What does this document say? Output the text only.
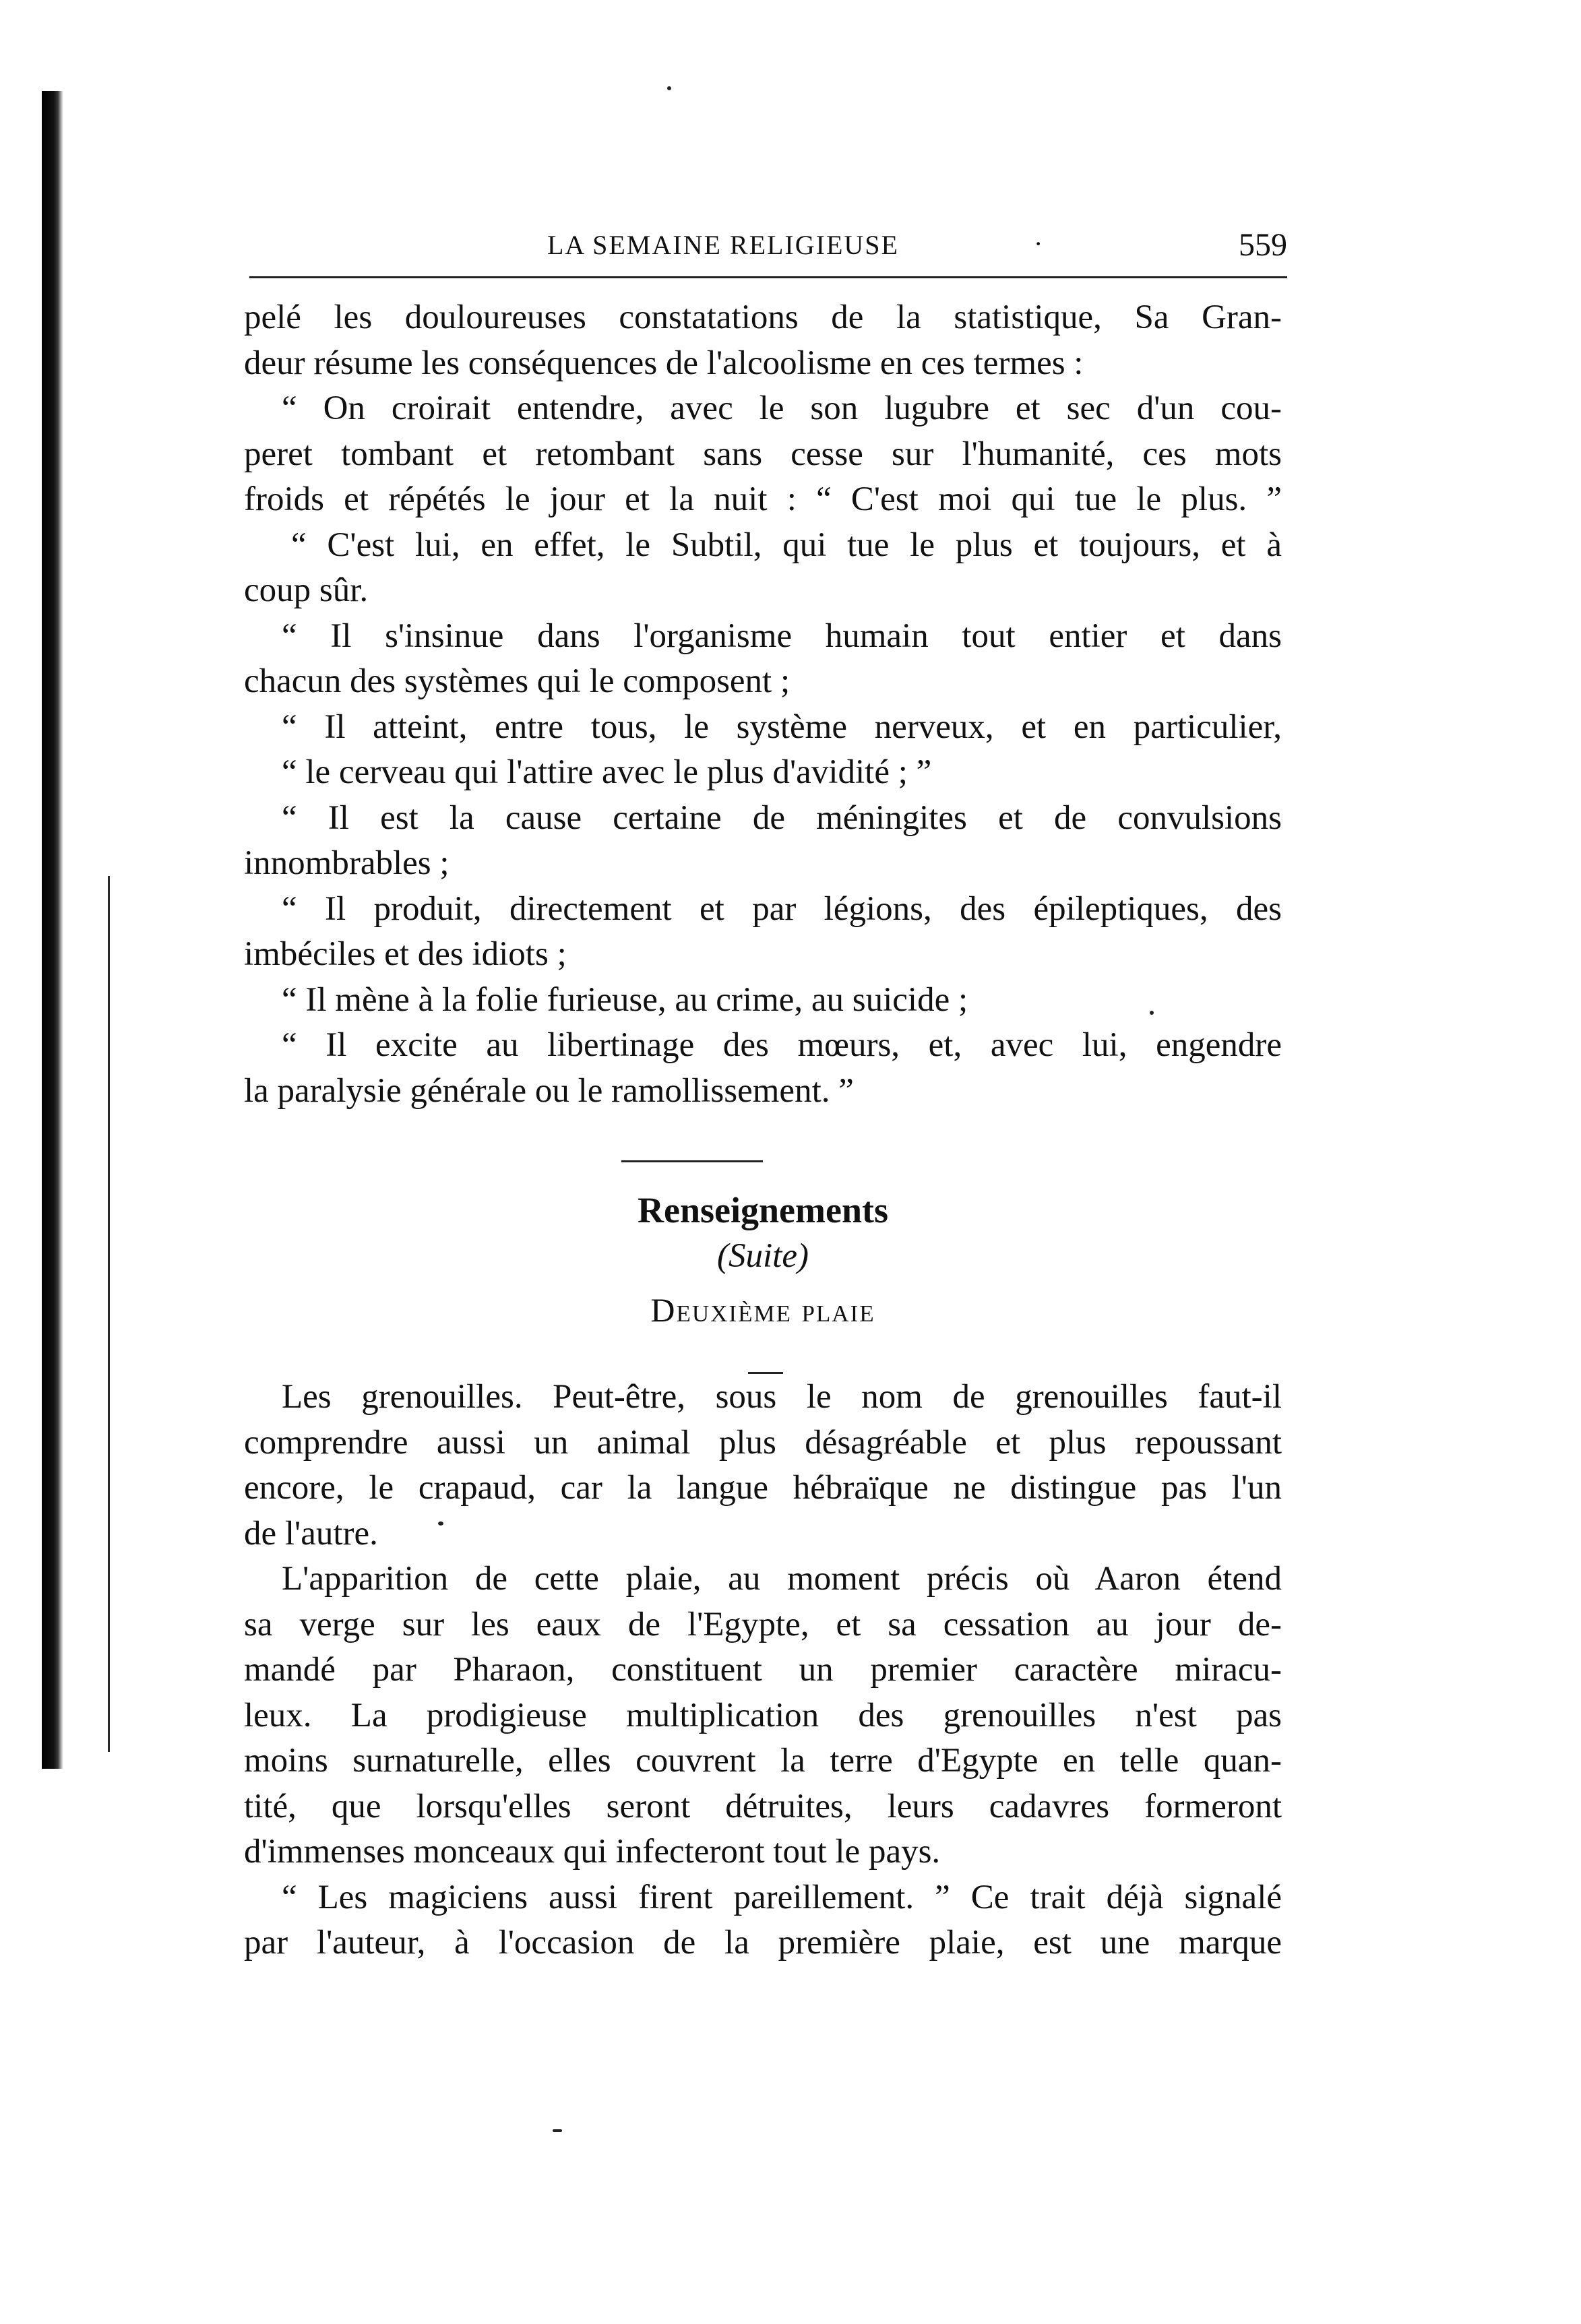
LA SEMAINE RELIGIEUSE	·	559

pelé les douloureuses constatations de la statistique, Sa Gran-

deur résume les conséquences de l'alcoolisme en ces termes :

“ On croirait entendre, avec le son lugubre et sec d'un cou-

peret tombant et retombant sans cesse sur l'humanité, ces mots

froids et répétés le jour et la nuit : “ C'est moi qui tue le plus. ”

“ C'est lui, en effet, le Subtil, qui tue le plus et toujours, et à

coup sûr.

“ Il s'insinue dans l'organisme humain tout entier et dans

chacun des systèmes qui le composent ;

“ Il atteint, entre tous, le système nerveux, et en particulier,

“ le cerveau qui l'attire avec le plus d'avidité ; ”

“ Il est la cause certaine de méningites et de convulsions

innombrables ;

“ Il produit, directement et par légions, des épileptiques, des

imbéciles et des idiots ;

“ Il mène à la folie furieuse, au crime, au suicide ;

“ Il excite au libertinage des mœurs, et, avec lui, engendre

la paralysie générale ou le ramollissement. ”

Renseignements
(Suite)
Deuxième plaie

Les grenouilles. Peut-être, sous le nom de grenouilles faut-il

comprendre aussi un animal plus désagréable et plus repoussant

encore, le crapaud, car la langue hébraïque ne distingue pas l'un

de l'autre.

L'apparition de cette plaie, au moment précis où Aaron étend

sa verge sur les eaux de l'Egypte, et sa cessation au jour de-

mandé par Pharaon, constituent un premier caractère miracu-

leux. La prodigieuse multiplication des grenouilles n'est pas

moins surnaturelle, elles couvrent la terre d'Egypte en telle quan-

tité, que lorsqu'elles seront détruites, leurs cadavres formeront

d'immenses monceaux qui infecteront tout le pays.

“ Les magiciens aussi firent pareillement. ” Ce trait déjà signalé

par l'auteur, à l'occasion de la première plaie, est une marque
